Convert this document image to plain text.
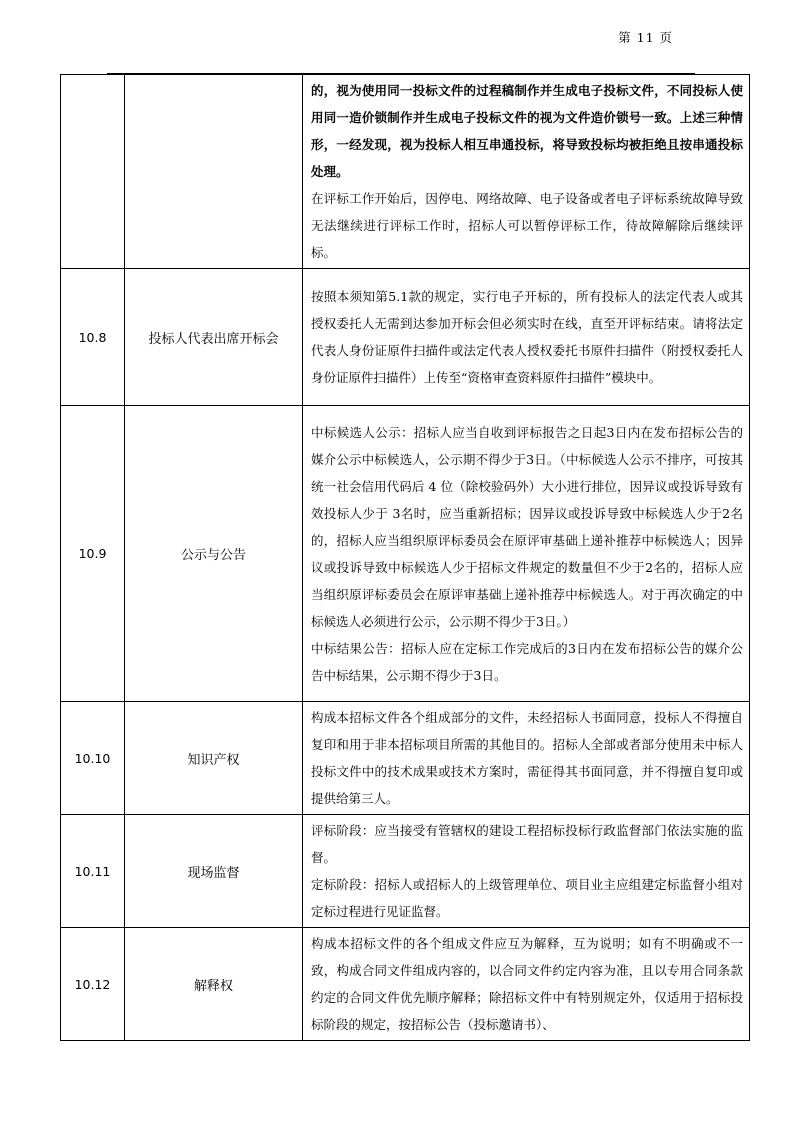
第 11 页

		的，视为使用同一投标文件的过程稿制作并生成电子投标文件，不同投标人使用同一造价锁制作并生成电子投标文件的视为文件造价锁号一致。上述三种情形，一经发现，视为投标人相互串通投标，将导致投标均被拒绝且按串通投标处理。
在评标工作开始后，因停电、网络故障、电子设备或者电子评标系统故障导致无法继续进行评标工作时，招标人可以暂停评标工作，待故障解除后继续评标。

10.8	投标人代表出席开标会	按照本须知第5.1款的规定，实行电子开标的，所有投标人的法定代表人或其授权委托人无需到达参加开标会但必须实时在线，直至开评标结束。请将法定代表人身份证原件扫描件或法定代表人授权委托书原件扫描件（附授权委托人身份证原件扫描件）上传至“资格审查资料原件扫描件”模块中。

10.9	公示与公告	中标候选人公示：招标人应当自收到评标报告之日起3日内在发布招标公告的媒介公示中标候选人，公示期不得少于3日。（中标候选人公示不排序，可按其统一社会信用代码后 4 位（除校验码外）大小进行排位，因异议或投诉导致有效投标人少于 3名时，应当重新招标；因异议或投诉导致中标候选人少于2名的，招标人应当组织原评标委员会在原评审基础上递补推荐中标候选人；因异议或投诉导致中标候选人少于招标文件规定的数量但不少于2名的，招标人应当组织原评标委员会在原评审基础上递补推荐中标候选人。对于再次确定的中标候选人必须进行公示，公示期不得少于3日。）
中标结果公告：招标人应在定标工作完成后的3日内在发布招标公告的媒介公告中标结果，公示期不得少于3日。

10.10	知识产权	构成本招标文件各个组成部分的文件，未经招标人书面同意，投标人不得擅自复印和用于非本招标项目所需的其他目的。招标人全部或者部分使用未中标人投标文件中的技术成果或技术方案时，需征得其书面同意，并不得擅自复印或提供给第三人。

10.11	现场监督	评标阶段：应当接受有管辖权的建设工程招标投标行政监督部门依法实施的监督。
定标阶段：招标人或招标人的上级管理单位、项目业主应组建定标监督小组对定标过程进行见证监督。

10.12	解释权	构成本招标文件的各个组成文件应互为解释，互为说明；如有不明确或不一致，构成合同文件组成内容的，以合同文件约定内容为准，且以专用合同条款约定的合同文件优先顺序解释；除招标文件中有特别规定外，仅适用于招标投标阶段的规定，按招标公告（投标邀请书）、
